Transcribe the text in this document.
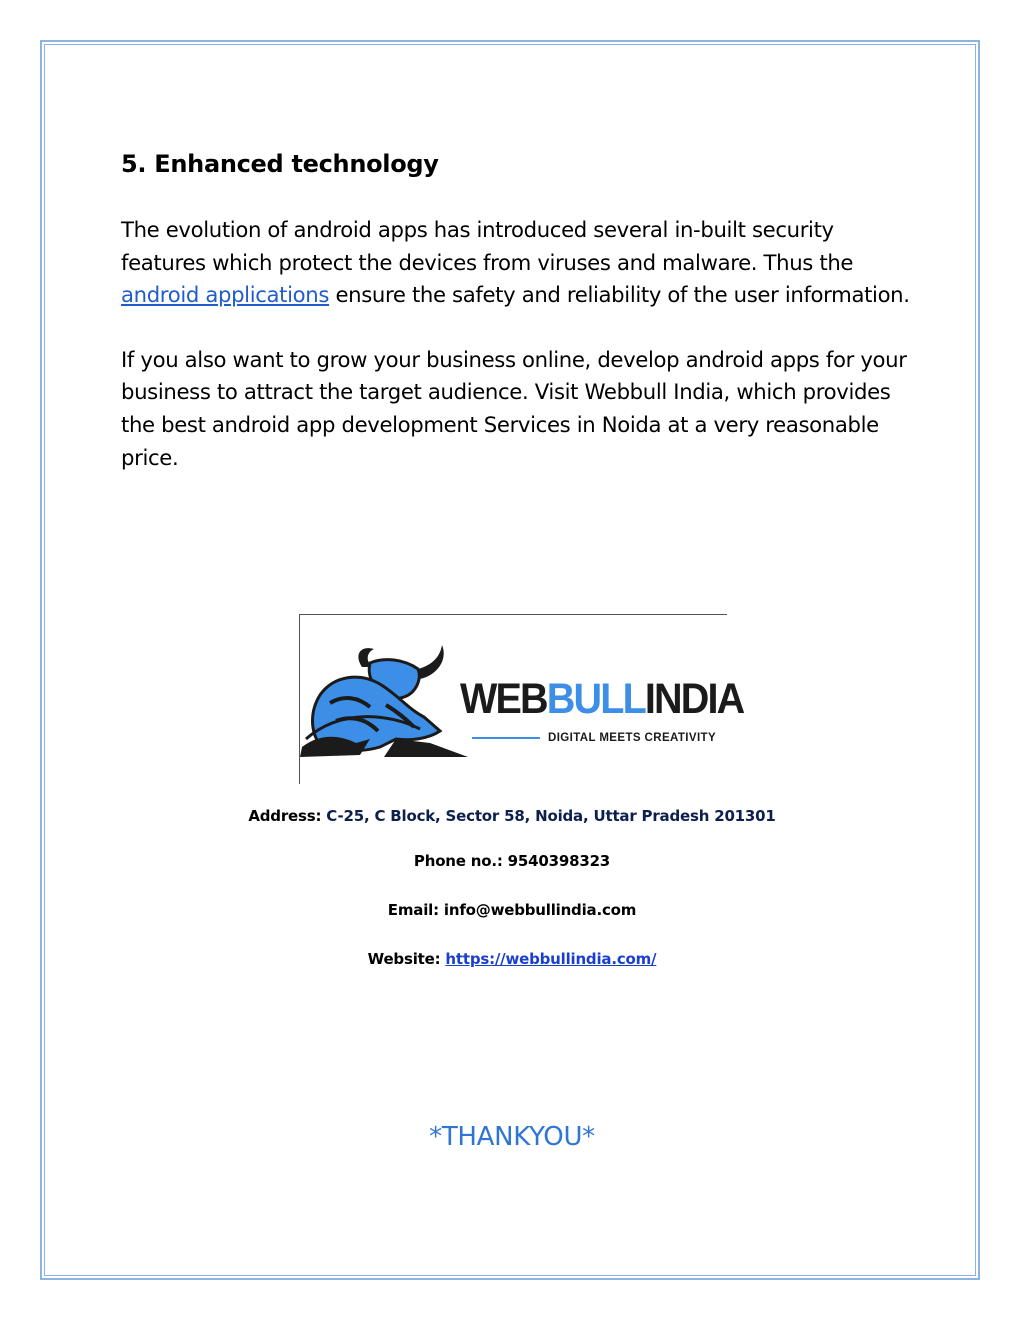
5. Enhanced technology

The evolution of android apps has introduced several in-built security features which protect the devices from viruses and malware. Thus the android applications ensure the safety and reliability of the user information.

If you also want to grow your business online, develop android apps for your business to attract the target audience. Visit Webbull India, which provides the best android app development Services in Noida at a very reasonable price.

WEBBULLINDIA
DIGITAL MEETS CREATIVITY
Address: C-25, C Block, Sector 58, Noida, Uttar Pradesh 201301
Phone no.: 9540398323
Email: info@webbullindia.com
Website: https://webbullindia.com/
*THANKYOU*
